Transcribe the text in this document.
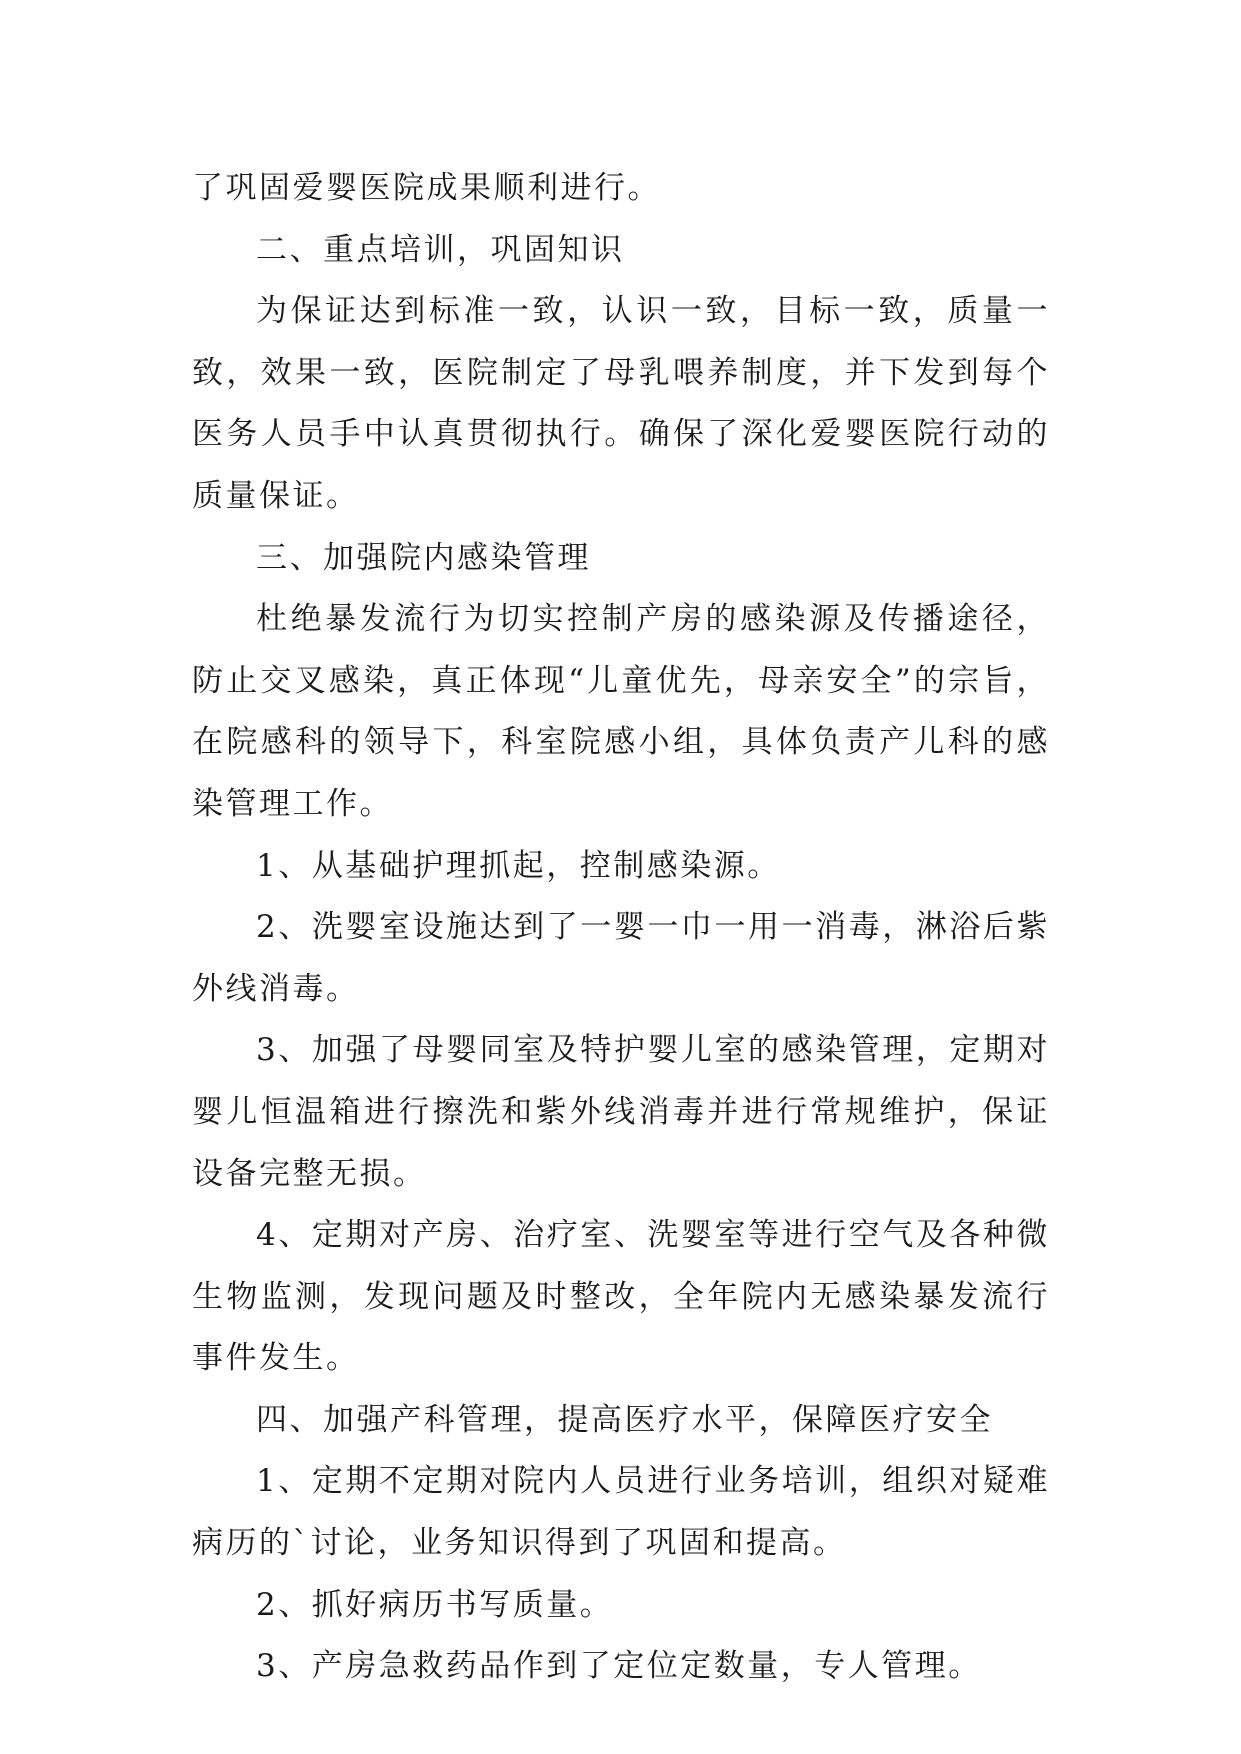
了巩固爱婴医院成果顺利进行。

二、重点培训，巩固知识

为保证达到标准一致，认识一致，目标一致，质量一致，效果一致，医院制定了母乳喂养制度，并下发到每个医务人员手中认真贯彻执行。确保了深化爱婴医院行动的质量保证。

三、加强院内感染管理

杜绝暴发流行为切实控制产房的感染源及传播途径，防止交叉感染，真正体现“儿童优先，母亲安全”的宗旨，在院感科的领导下，科室院感小组，具体负责产儿科的感染管理工作。

1、从基础护理抓起，控制感染源。

2、洗婴室设施达到了一婴一巾一用一消毒，淋浴后紫外线消毒。

3、加强了母婴同室及特护婴儿室的感染管理，定期对婴儿恒温箱进行擦洗和紫外线消毒并进行常规维护，保证设备完整无损。

4、定期对产房、治疗室、洗婴室等进行空气及各种微生物监测，发现问题及时整改，全年院内无感染暴发流行事件发生。

四、加强产科管理，提高医疗水平，保障医疗安全

1、定期不定期对院内人员进行业务培训，组织对疑难病历的`讨论，业务知识得到了巩固和提高。

2、抓好病历书写质量。

3、产房急救药品作到了定位定数量，专人管理。
